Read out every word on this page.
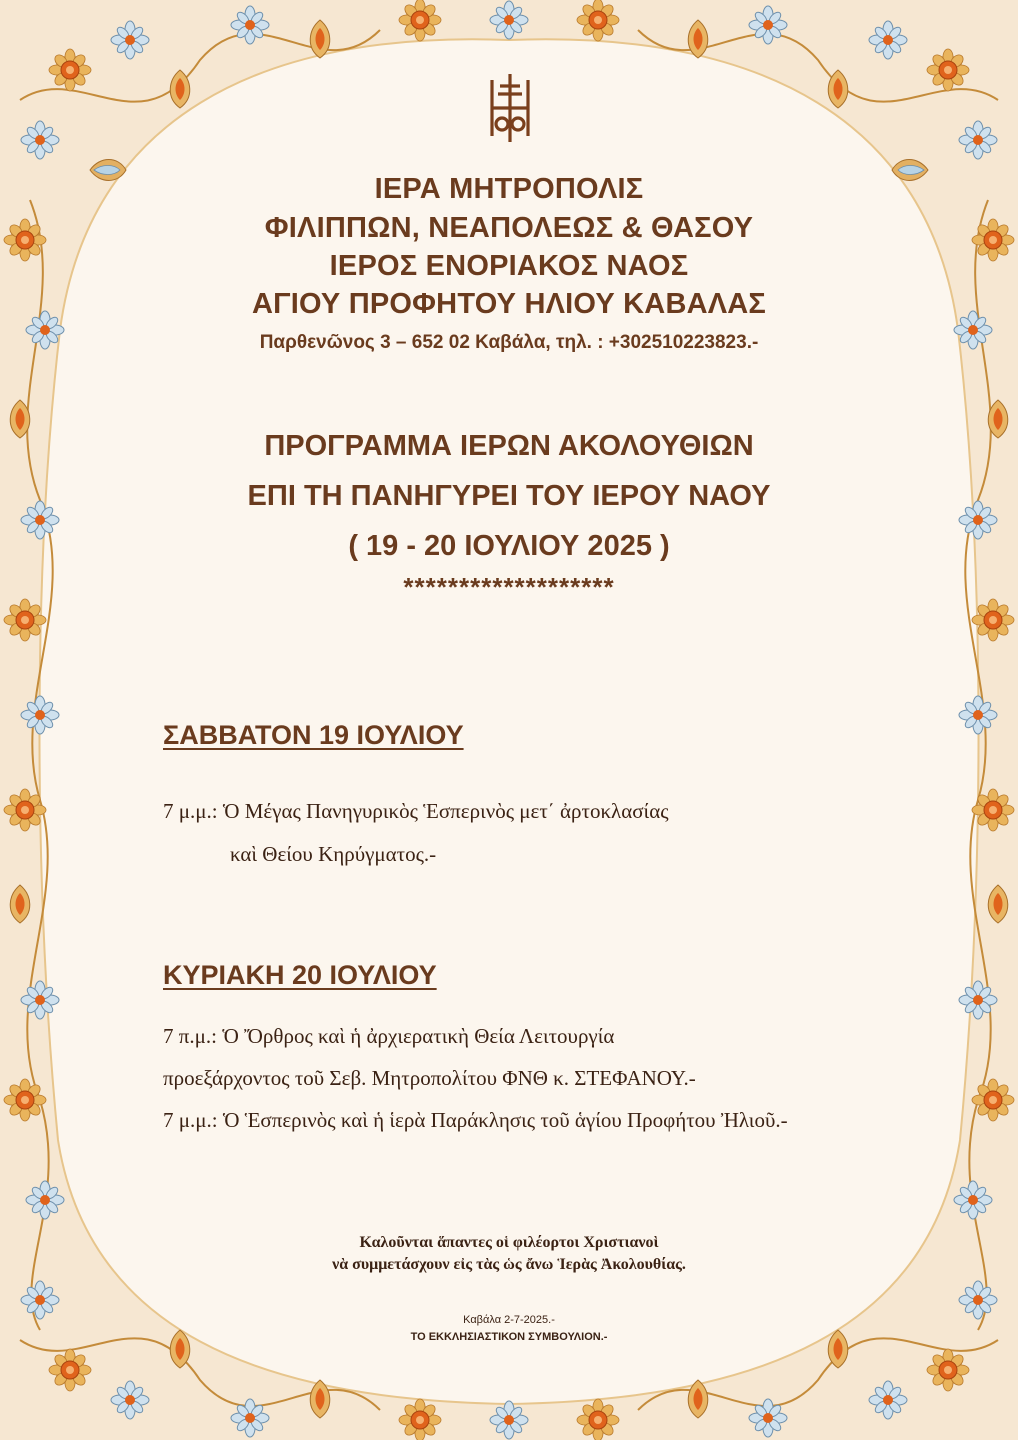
ΙΕΡΑ ΜΗΤΡΟΠΟΛΙΣ
ΦΙΛΙΠΠΩΝ, ΝΕΑΠΟΛΕΩΣ & ΘΑΣΟΥ
ΙΕΡΟΣ ΕΝΟΡΙΑΚΟΣ ΝΑΟΣ
ΑΓΙΟΥ ΠΡΟΦΗΤΟΥ ΗΛΙΟΥ ΚΑΒΑΛΑΣ
Παρθενῶνος 3 – 652 02 Καβάλα, τηλ. : +302510223823.-
ΠΡΟΓΡΑΜΜΑ ΙΕΡΩΝ ΑΚΟΛΟΥΘΙΩΝ
ΕΠΙ ΤΗ ΠΑΝΗΓΥΡΕΙ ΤΟΥ ΙΕΡΟΥ ΝΑΟΥ
( 19 - 20 ΙΟΥΛΙΟΥ 2025 )
*******************
ΣΑΒΒΑΤΟΝ 19 ΙΟΥΛΙΟΥ
7 μ.μ.: Ὁ Μέγας Πανηγυρικὸς Ἑσπερινὸς μετ΄ ἀρτοκλασίας
καὶ Θείου Κηρύγματος.-
ΚΥΡΙΑΚΗ 20 ΙΟΥΛΙΟΥ
7 π.μ.: Ὁ Ὄρθρος καὶ ἡ ἀρχιερατικὴ Θεία Λειτουργία
προεξάρχοντος τοῦ Σεβ. Μητροπολίτου ΦΝΘ κ. ΣΤΕΦΑΝΟΥ.-
7 μ.μ.: Ὁ Ἑσπερινὸς καὶ ἡ ἱερὰ Παράκλησις τοῦ ἁγίου Προφήτου Ἠλιοῦ.-
Καλοῦνται ἅπαντες οἱ φιλέορτοι Χριστιανοὶ
νὰ συμμετάσχουν εἰς τὰς ὡς ἄνω Ἱερὰς Ἀκολουθίας.
Καβάλα 2-7-2025.-
ΤΟ ΕΚΚΛΗΣΙΑΣΤΙΚΟΝ ΣΥΜΒΟΥΛΙΟΝ.-
